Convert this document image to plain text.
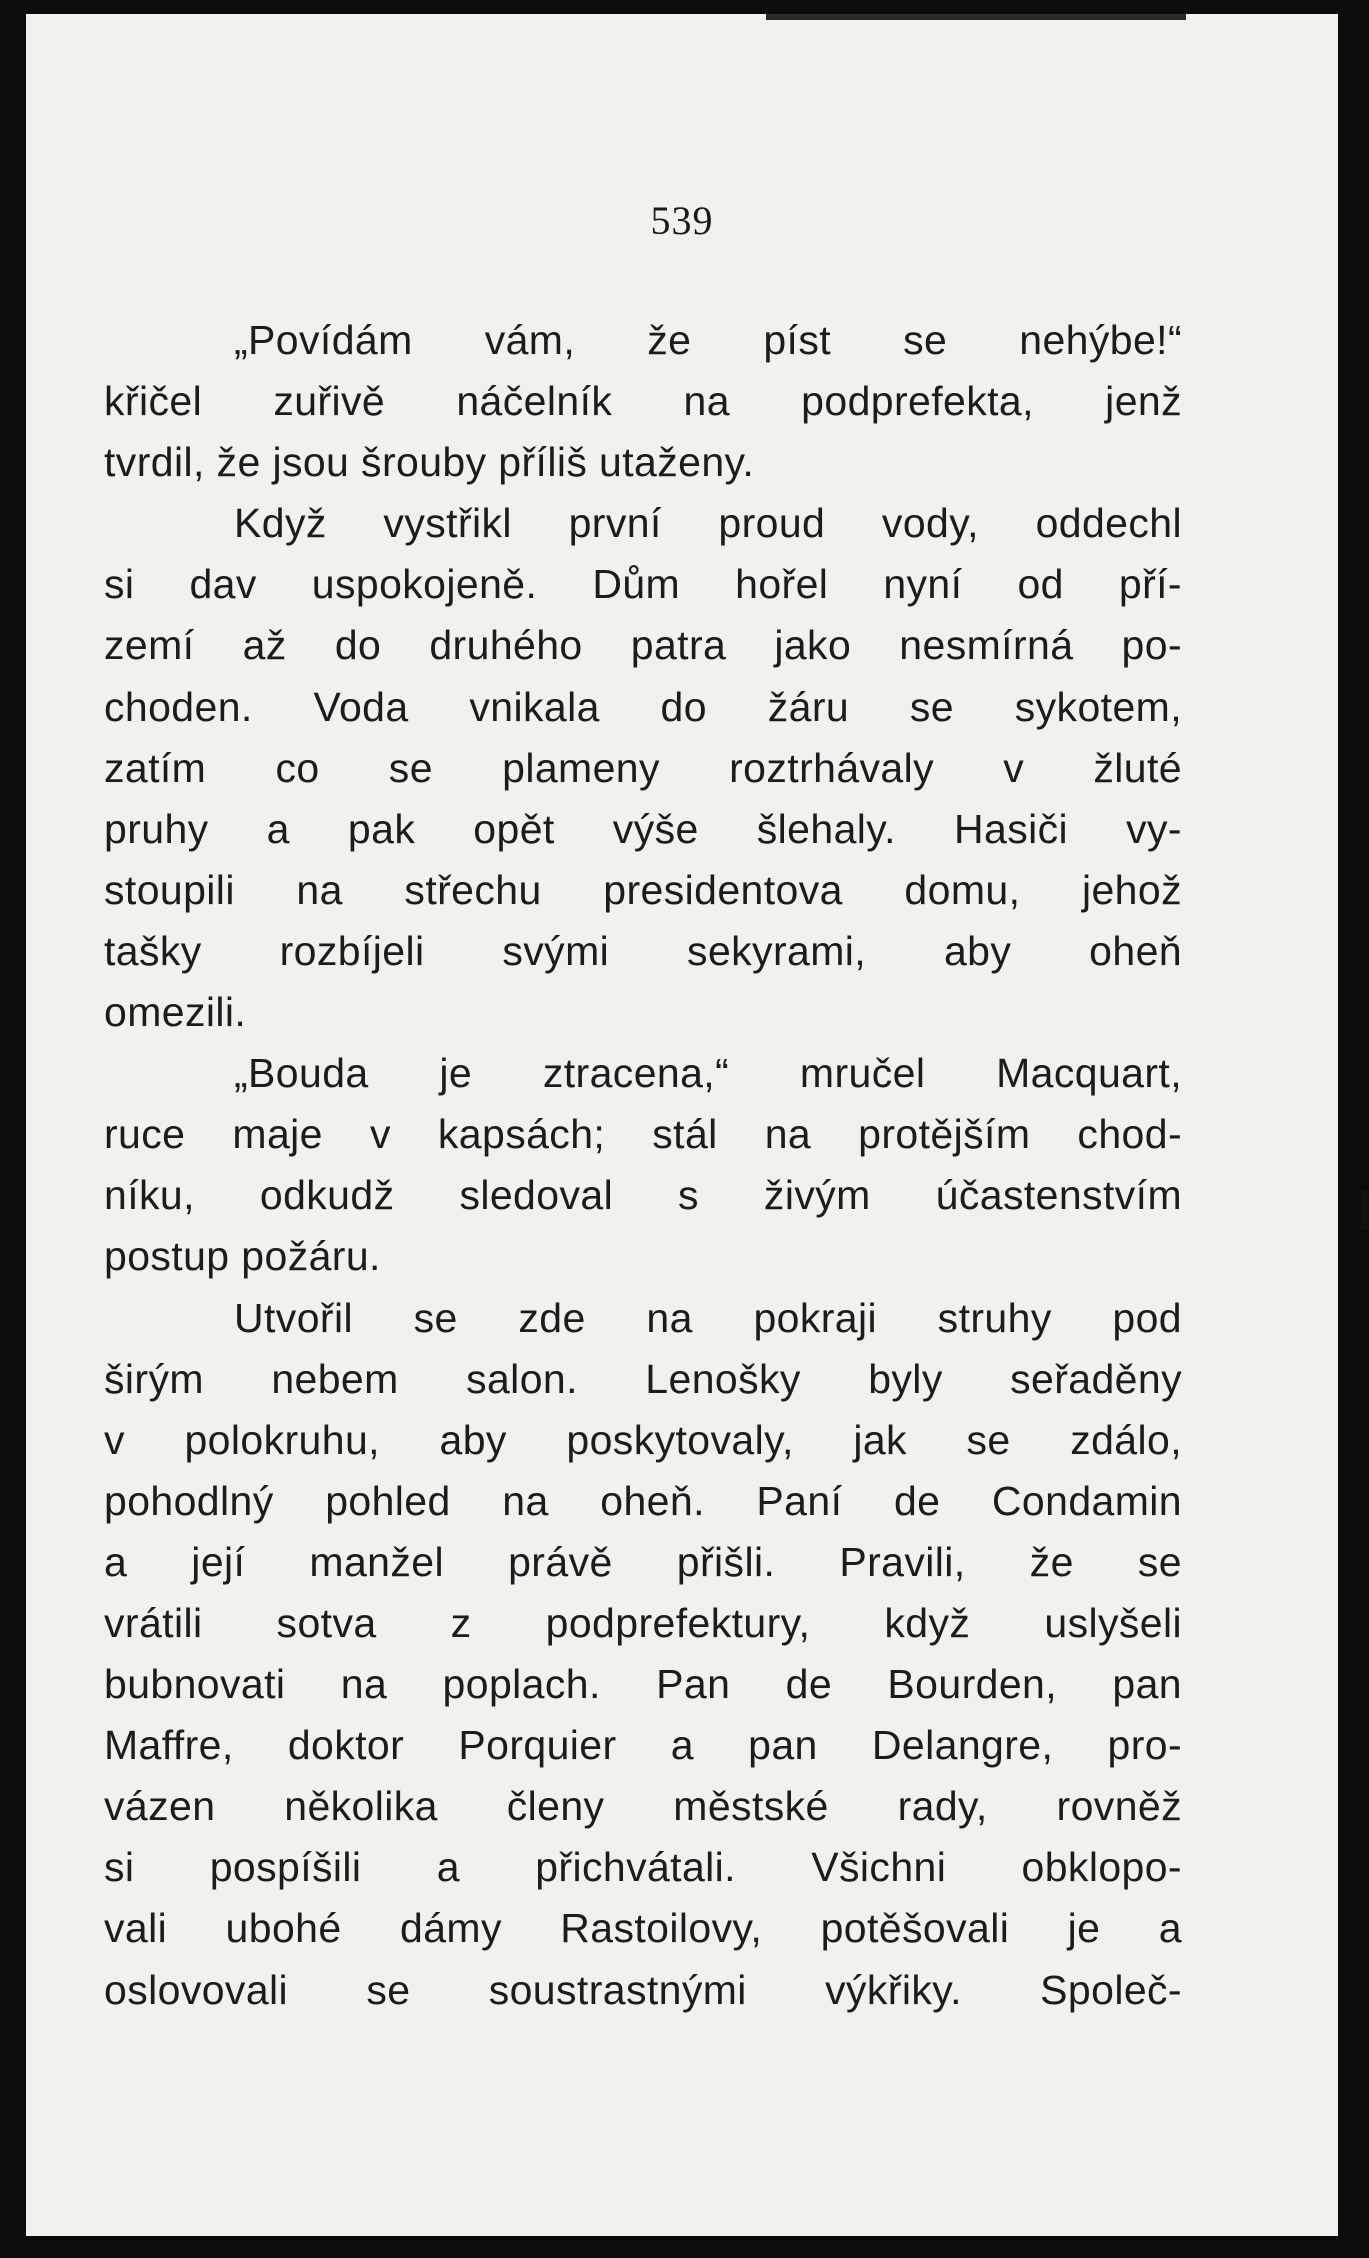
539
„Povídám vám, že píst se nehýbe!“
křičel zuřivě náčelník na podprefekta, jenž
tvrdil, že jsou šrouby příliš utaženy.
Když vystřikl první proud vody, oddechl
si dav uspokojeně. Dům hořel nyní od pří-
zemí až do druhého patra jako nesmírná po-
choden. Voda vnikala do žáru se sykotem,
zatím co se plameny roztrhávaly v žluté
pruhy a pak opět výše šlehaly. Hasiči vy-
stoupili na střechu presidentova domu, jehož
tašky rozbíjeli svými sekyrami, aby oheň
omezili.
„Bouda je ztracena,“ mručel Macquart,
ruce maje v kapsách; stál na protějším chod-
níku, odkudž sledoval s živým účastenstvím
postup požáru.
Utvořil se zde na pokraji struhy pod
širým nebem salon. Lenošky byly seřaděny
v polokruhu, aby poskytovaly, jak se zdálo,
pohodlný pohled na oheň. Paní de Condamin
a její manžel právě přišli. Pravili, že se
vrátili sotva z podprefektury, když uslyšeli
bubnovati na poplach. Pan de Bourden, pan
Maffre, doktor Porquier a pan Delangre, pro-
vázen několika členy městské rady, rovněž
si pospíšili a přichvátali. Všichni obklopo-
vali ubohé dámy Rastoilovy, potěšovali je a
oslovovali se soustrastnými výkřiky. Společ-
